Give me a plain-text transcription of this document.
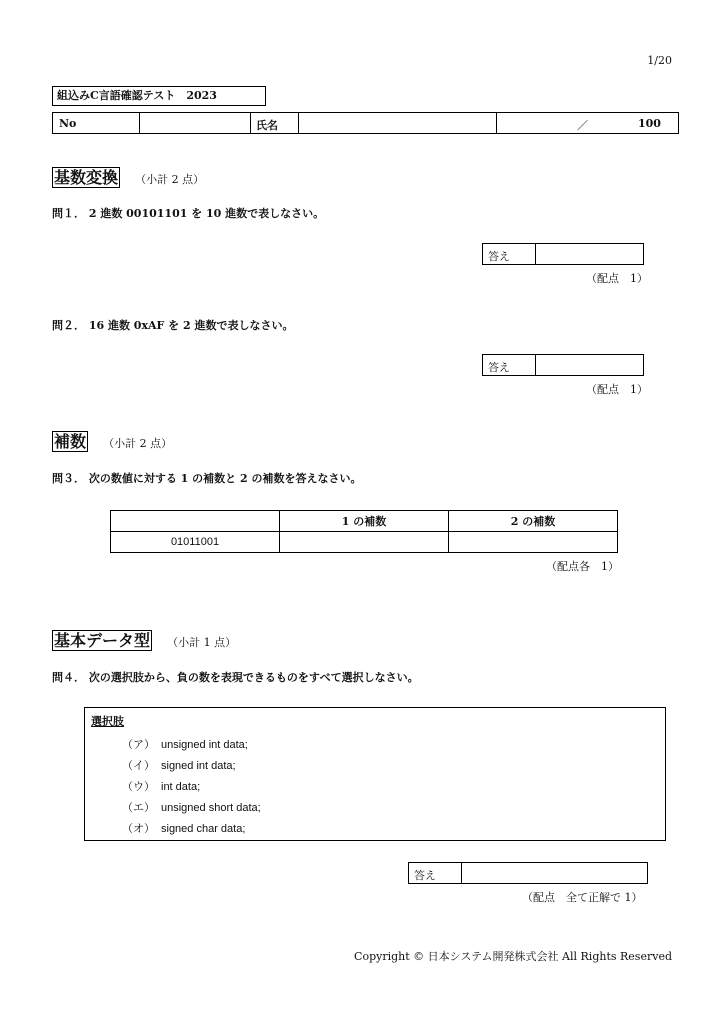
1/20
組込みC言語確認テスト　2023
No	氏名	／	100
基数変換 （小計 2 点）
問１． 2 進数 00101101 を 10 進数で表しなさい。
答え
（配点　1）
問２． 16 進数 0xAF を 2 進数で表しなさい。
答え
（配点　1）
補数 （小計 2 点）
問３． 次の数値に対する 1 の補数と 2 の補数を答えなさい。
	1 の補数	2 の補数
01011001		
（配点各　1）
基本データ型 （小計 1 点）
問４． 次の選択肢から、負の数を表現できるものをすべて選択しなさい。
選択肢
（ア） unsigned int data;
（イ） signed int data;
（ウ） int data;
（エ） unsigned short data;
（オ） signed char data;
答え
（配点　全て正解で 1）
Copyright © 日本システム開発株式会社 All Rights Reserved
